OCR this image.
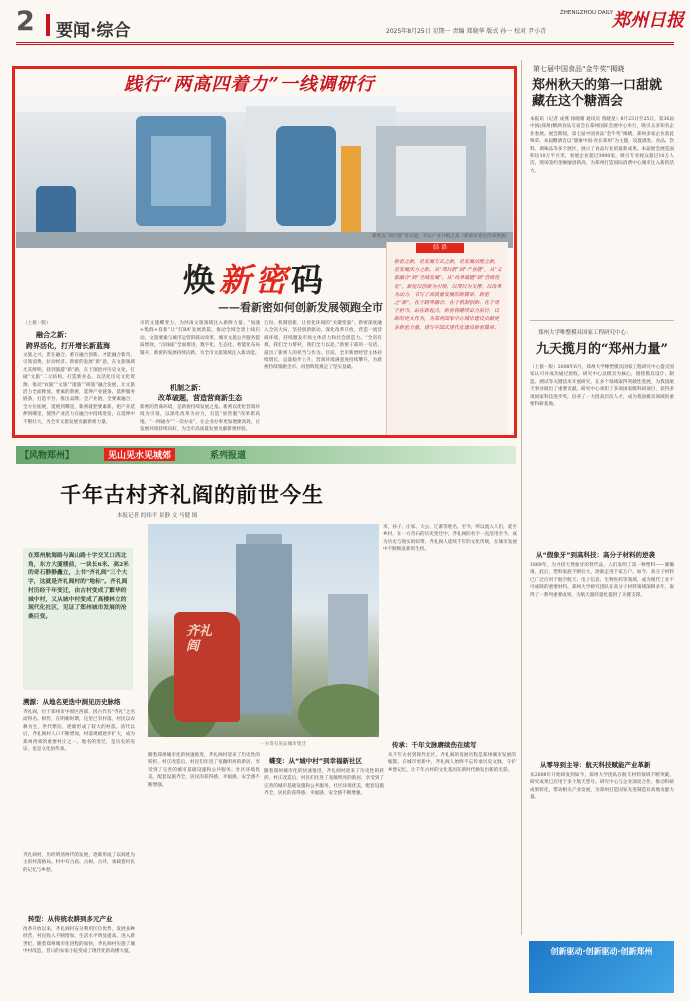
2 要闻·综合	2025年8月25日 星期一 责编 郑晓华 版式 孙一 校对 尹小青
ZHENGZHOU DAILY 郑州日报
践行“两高四着力”一线调研行
新密以“项目群”育动能，夯实产业升级之基（新密市委宣传部供图）
焕新密码
——看新密如何创新发展领跑全市
（上接一版）
融合之新：
跨界活化，打开增长新蓝海
文旅之兴，贵在融合，难在融合创新。才能融合新奇、引领消费、拉动经济。新密的发展“新”意，在文旅领域尤其鲜明。找到旅游“新”路，在于深挖并历史文化、打破“文旅”二元结构、打造新业态，以活化历史文化资源、推动“农旅”“文旅”“康旅”“研旅”融合发展，让文旅活力全面释放。要素的新密，延伸产业链条，延伸服务链条，打造平台、推出品牌。全产业链，全要素融合，全方位拓展，延展到哪里，新密就把要素新，把产业延伸到哪里，使得产业活力在融合中持续迸发，在延伸中不断壮大，为全市文旅发展贡献新密力量。
市的文旅蝶变力，为河南文旅领域注入新鲜力量。“加速+集群+育新”让“打BA”发展新篇，推动全域全景上线启动，文旅要素与城市运营的联动改革，城市文旅公共服务提质增效。“点线面”全面推进，数字化、生态化、智能化布局铺开，新密的发展持续向新，为全市文旅领域注入新动能。
机制之新：
改革破题，营造营商新生态
新密的营商环境，是新密持续发展之基。新密以优化营商环境为引领，以深化改革为动力，打造“放管服”改革新高地，“一网通办”“一次办妥”，让企业办事更加便捷高效，让发展环境持续向好，为全市高质量发展贡献新密经验。
万份、机制创新，让优化环境的“关键变量”。新密深度融入全省大局，坚持创新驱动，深化改革开放，营造一流营商环境，持续激发市场主体活力和社会创造力。“全省有难，我们全力帮衬，我们全力以赴。”新密干部的一句话，道出了新密人的担当与作为。目前，全市新增经营主体持续增长，总量稳步上升，营商环境满意度持续攀升，为新密持续领跑全市、再创辉煌奠定了坚实基础。
结 语
新密之新，是发展方式之新，是发展动能之新，是发展活力之新。从“项目群”到“产业链”，从“文旅融合”到“全域发展”，从“改革破题”到“营商优化”，新密以创新为引领，以项目为支撑，以改革为动力，书写了高质量发展的新篇章。新密之“新”，在于跨界融合、在于机制创新、在于勇于担当。站在新起点，新密将继续奋力前行，以新的更大作为，为郑州国家中心城市建设贡献更多新密力量，谱写中国式现代化建设新密篇章。
第七届中国食品“金牛奖”揭晓
郑州秋天的第一口甜就藏在这个糖酒会
本报讯（记者 成燕 徐晓晴 通讯员 鲁晓星）8月23日至25日，第36届中国(郑州)糖酒食品交易会在郑州国际会展中心举行，吸引众多知名企业参展。展会期间，第七届中国食品“金牛奖”揭晓，郑州多家企业获此殊荣。本届糖酒会以“甜蜜中国·食在郑州”为主题，设置酒类、食品、饮料、调味品等多个展区，展示了食品行业的最新成果。本届展会展览面积达10万平方米，参展企业超过3000家，吸引专业观众超过10万人次，现场签约金额屡创新高，为郑州打造国际消费中心城市注入新的活力。
郑州大学唯整模具国家工程研究中心：
九天揽月的“郑州力量”
（上接一版）2008年6月，郑州大学橡塑模具国家工程研究中心提交国家认可并成功通过验收。研究中心以模具为核心，围绕模具设计、制造、测试等关键技术开展研究，在多个领域取得突破性进展，为我国航天事业做出了重要贡献。研究中心承担了多项国家级科研项目，获得多项国家科技进步奖，培养了一大批高层次人才，成为我国模具领域的重要科研基地。
从“假象牙”到高科技：高分子材料的逆袭
1869年，为寻找天然象牙的替代品，人们发明了第一种塑料——赛璐珞。此后，塑料家族不断壮大，逐渐走进千家万户。如今，高分子材料已广泛应用于航空航天、电子信息、生物医药等领域，成为现代工业不可或缺的重要材料。郑州大学研究团队在高分子材料领域深耕多年，取得了一系列重要成果，为航天器轻量化提供了关键支撑。
从零导到主导：航天科技赋能产业革新
从2008年开始研发到如今，郑州大学团队在航天材料领域不断突破，研究成果已应用于多个航天型号。研究中心与企业深度合作，推动科研成果转化，带动相关产业发展，为郑州打造国家先进制造业高地贡献力量。
创新驱动·创新驱动·创新郑州
【风物郑州】	见山见水见城郊	系列报道
千年古村齐礼阎的前世今生
本报记者 的伟平 景静 文 马健 图
在郑州航海路与嵩山路十字交叉口西北角，东方大厦楼前，一块长6米、高2米的奇石静静矗立，上书“齐礼阎”三个大字，这就是齐礼阎村的“地标”。齐礼阎村历经千年变迁，由古村变成了繁华的城中村，又从城中村变成了高楼林立的现代化社区，见证了郑州城市发展的沧桑巨变。
溯源：从地名更迭中洞见历史脉络
齐礼阎，位于郑州市中原区西部，因古代有“齐礼”之名而得名。相传，在明朝时期，这里已有村落，村民以农耕为生，世代繁衍，逐渐形成了较大的村落。清代以后，齐礼阎村人口不断增加，村落规模逐步扩大，成为郑州西郊的重要村庄之一。地名的变迁，是历史的见证，也是文化的传承。
齐礼阎村，历经明清两代的发展，逐渐形成了以阎姓为主的村落格局。村中有古庙、古树、古井，承载着村民的记忆与乡愁。
转型：从传统农耕到多元产业
改革开放以来，齐礼阎村充分利用区位优势，发展多种经营，村民收入不断增加，生活水平明显提高。进入新世纪，随着郑州城市化进程的加快，齐礼阎村实施了城中村改造，昔日的农家小院变成了现代化的高楼大厦。
齐礼阎
一方奇石见证城市变迁
米，孙子、庄家、大公、辽寨等姓名，至今，所以流入人们，延至乡村，在一方奇石的历史变迁中，齐礼阎的名字一直沿用至今，成为历史与现实的纽带。齐礼阎人延续千年的文化传统，在城市发展中不断焕发新的生机。
随着郑州城市化的快速推进，齐礼阎村迎来了历史性的转折。村庄改造后，村民们住进了宽敞明亮的新居，享受到了完善的城市基础设施和公共服务。社区环境优美，配套设施齐全，居民的获得感、幸福感、安全感不断增强。
蝶变：从“城中村”到幸福新社区
随着郑州城市化的快速推进，齐礼阎村迎来了历史性的转折。村庄改造后，村民们住进了宽敞明亮的新居，享受到了完善的城市基础设施和公共服务。社区环境优美，配套设施齐全，居民的获得感、幸福感、安全感不断增强。
传承：千年文脉赓续伤在续写
从千年古村到现代社区，齐礼阎的发展历程是郑州城市发展的缩影。在城市更新中，齐礼阎人始终不忘传承历史文脉，守护乡愁记忆，让千年古村的文化基因在新时代焕发出新的光彩。
